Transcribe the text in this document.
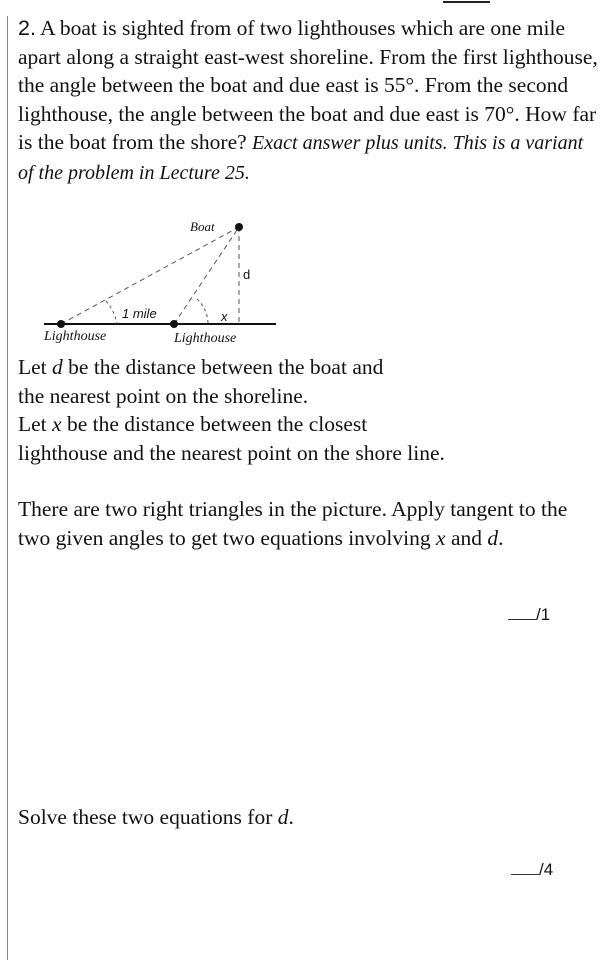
2. A boat is sighted from of two lighthouses which are one mile apart along a straight east-west shoreline. From the first lighthouse, the angle between the boat and due east is 55°. From the second lighthouse, the angle between the boat and due east is 70°. How far is the boat from the shore? Exact answer plus units. This is a variant of the problem in Lecture 25.

Boat
d
x
1 mile
Lighthouse	Lighthouse

Let d be the distance between the boat and
the nearest point on the shoreline.
Let x be the distance between the closest
lighthouse and the nearest point on the shore line.

There are two right triangles in the picture. Apply tangent to the two given angles to get two equations involving x and d.

/1

Solve these two equations for d.

/4
